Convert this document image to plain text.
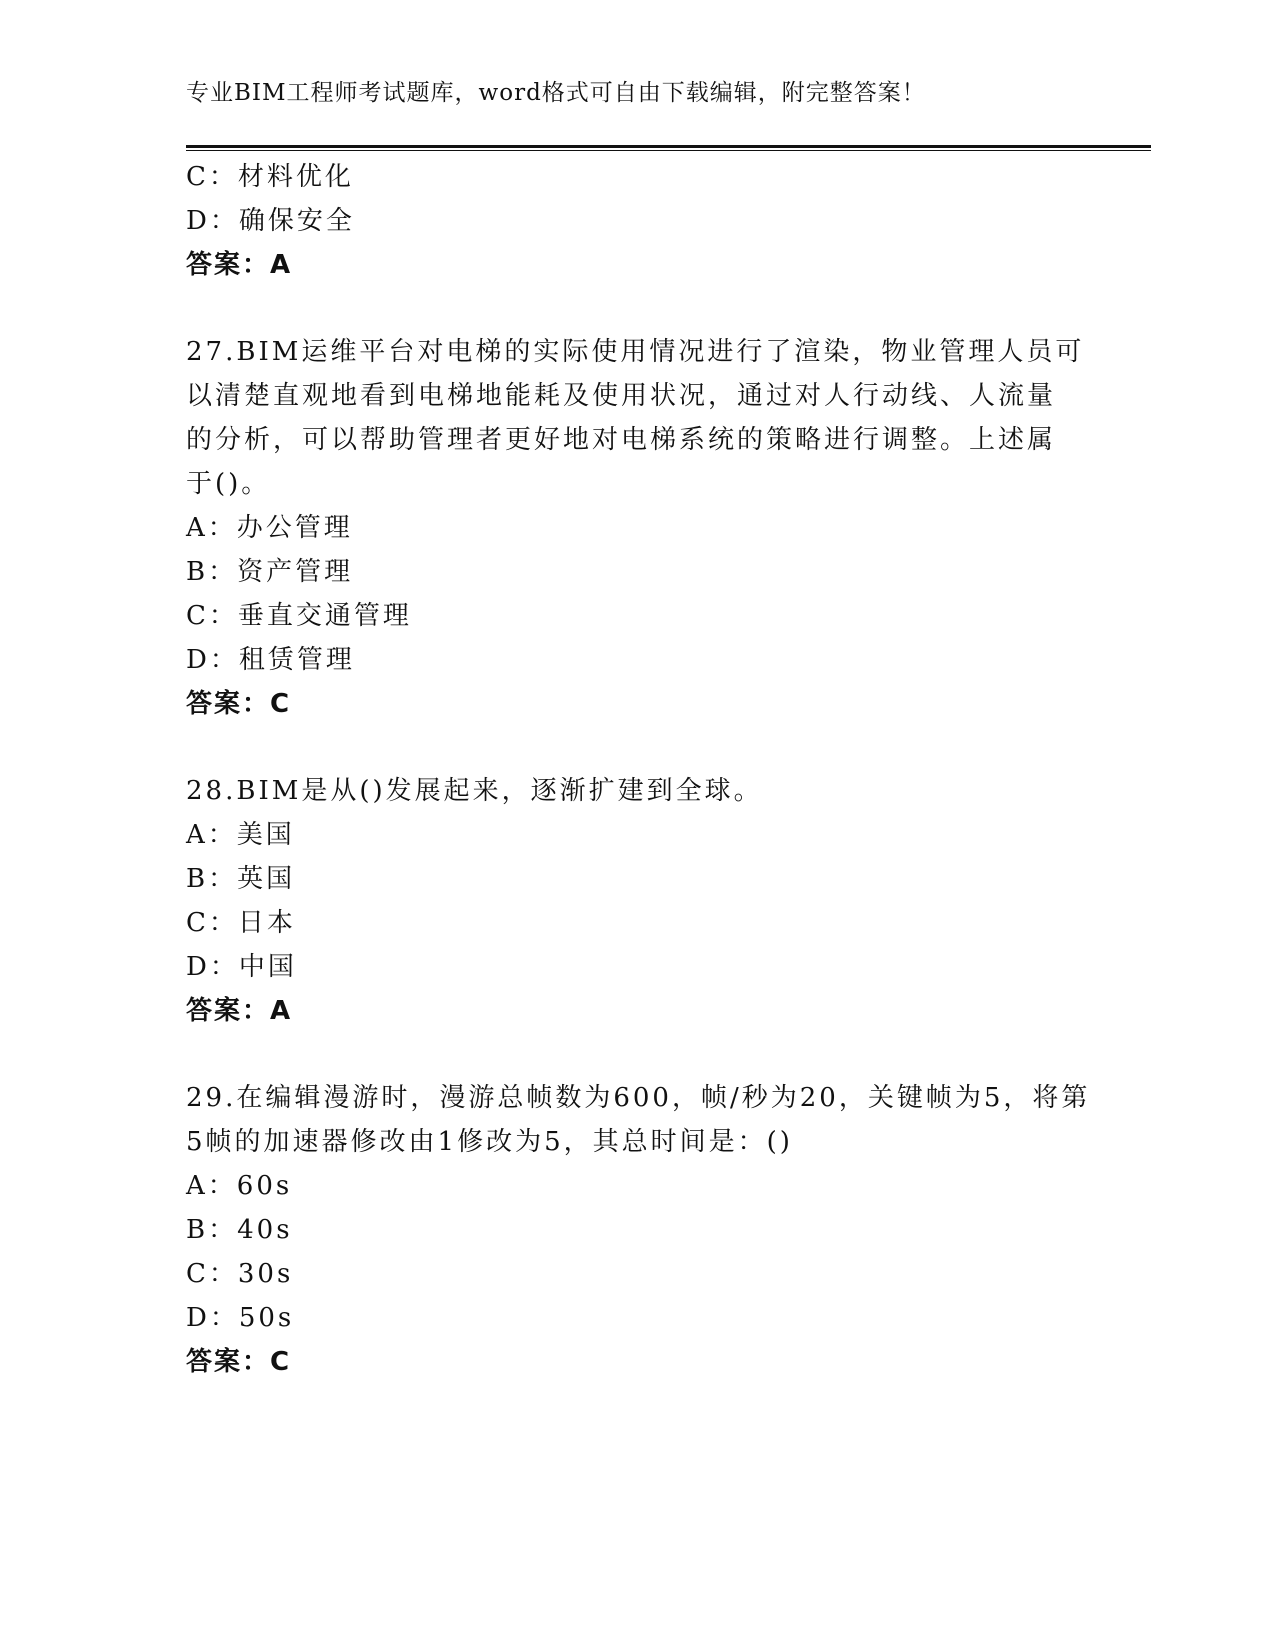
专业BIM工程师考试题库，word格式可自由下载编辑，附完整答案！
C：材料优化
D：确保安全
答案：A
27.BIM运维平台对电梯的实际使用情况进行了渲染，物业管理人员可
以清楚直观地看到电梯地能耗及使用状况，通过对人行动线、人流量
的分析，可以帮助管理者更好地对电梯系统的策略进行调整。上述属
于()。
A：办公管理
B：资产管理
C：垂直交通管理
D：租赁管理
答案：C
28.BIM是从()发展起来，逐渐扩建到全球。
A：美国
B：英国
C：日本
D：中国
答案：A
29.在编辑漫游时，漫游总帧数为600，帧/秒为20，关键帧为5，将第
5帧的加速器修改由1修改为5，其总时间是：()
A：60s
B：40s
C：30s
D：50s
答案：C
